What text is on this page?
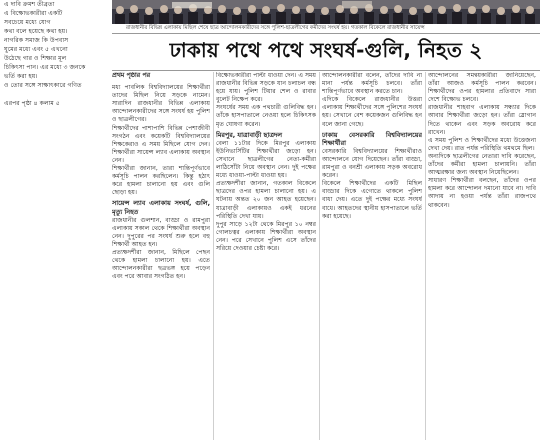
এ দাবি ক্রমশ তীব্রতা
এ বিক্ষোভকারীরা একটি
সবচেয়ে মধ্যে যোগ
কথা বলে হয়েছে কথা হয়।
নাগরিক সমাজ কি উপবাস
ঘুমের মধ্যে এবং ৫ এখনো
উঠেছে গার ও শিক্ষার মূল
চিকিৎসা পান। এর মধ্যে ৩ জনকে
ভর্তি করা হয়।
ও তোর সঙ্গে সাক্ষাৎকারে গণিত
এরপর পৃষ্ঠা ৪ কলাম ৫
রাজধানীর বিভিন্ন এলাকায় মিছিল শেষে ছাত্র আন্দোলনকারীদের সঙ্গে পুলিশ-ছাত্রলীগের কর্মীদের সংঘর্ষ হয়। গতকাল বিকেলে রাজধানীর সায়েন্স
ঢাকায় পথে পথে সংঘর্ষ-গুলি, নিহত ২
প্রথম পৃষ্ঠার পর

মধ্য পাবলিক বিশ্ববিদ্যালয়ের শিক্ষার্থীরা তাদের মিছিল নিয়ে সড়কে নামেন। সারাদিন রাজধানীর বিভিন্ন এলাকায় আন্দোলনকারীদের সঙ্গে সংঘর্ষ হয় পুলিশ ও ছাত্রলীগের।

শিক্ষার্থীদের পাশাপাশি বিভিন্ন পেশাজীবী সংগঠন এবং কয়েকটি বিশ্ববিদ্যালয়ের শিক্ষকেরাও এ সময় মিছিলে যোগ দেন। শিক্ষার্থীরা সায়েন্স ল্যাব এলাকায় অবস্থান নেন।

শিক্ষার্থীরা জানান, তারা শান্তিপূর্ণভাবে কর্মসূচি পালন করছিলেন। কিন্তু হঠাৎ করে হামলা চালানো হয় এবং গুলি ছোড়া হয়।

সায়েন্স ল্যাব এলাকায় সংঘর্ষ, গুলি, মৃত্যু নিহত

রাজধানীর গুলশান, বাড্ডা ও রামপুরা এলাকায় সকাল থেকে শিক্ষার্থীরা অবস্থান নেন। দুপুরের পর সংঘর্ষ শুরু হলে বহু শিক্ষার্থী আহত হন।

প্রত্যক্ষদর্শীরা জানান, মিছিলে পেছন থেকে হামলা চালানো হয়। এতে আন্দোলনকারীরা ছত্রভঙ্গ হয়ে পড়েন এবং পরে আবার সংগঠিত হন।

বিক্ষোভকারীরা পাল্টা ধাওয়া দেন। এ সময় রাজধানীর বিভিন্ন সড়কে যান চলাচল বন্ধ হয়ে যায়। পুলিশ টিয়ার শেল ও রাবার বুলেট নিক্ষেপ করে।

সংঘর্ষের সময় এক পথচারী গুলিবিদ্ধ হন। তাঁকে হাসপাতালে নেওয়া হলে চিকিৎসক মৃত ঘোষণা করেন।

মিরপুর, যাত্রাবাড়ী ছাত্রদল

বেলা ১১টার দিকে মিরপুর এলাকায় ইউনিভার্সিটির শিক্ষার্থীরা জড়ো হন। সেখানে ছাত্রলীগের নেতা-কর্মীরা লাঠিসোঁটা নিয়ে অবস্থান নেন। দুই পক্ষের মধ্যে ধাওয়া-পাল্টা ধাওয়া হয়।

প্রত্যক্ষদর্শীরা জানান, গতকাল বিকেলে ছাত্রদের ওপর হামলা চালানো হয়। এ ঘটনায় অন্তত ২০ জন আহত হয়েছেন। যাত্রাবাড়ী এলাকায়ও একই ধরনের পরিস্থিতি দেখা যায়।

দুপুর সাড়ে ১২টা থেকে মিরপুর ১০ নম্বর গোলচত্বর এলাকায় শিক্ষার্থীরা অবস্থান নেন। পরে সেখানে পুলিশ এসে তাঁদের সরিয়ে দেওয়ার চেষ্টা করে।

আন্দোলনকারীরা বলেন, তাঁদের দাবি না মানা পর্যন্ত কর্মসূচি চলবে। তাঁরা শান্তিপূর্ণভাবে অবস্থান করতে চান।

এদিকে বিকেলে রাজধানীর উত্তরা এলাকায় শিক্ষার্থীদের সঙ্গে পুলিশের সংঘর্ষ হয়। সেখানে বেশ কয়েকজন গুলিবিদ্ধ হন বলে জানা গেছে।

ঢাকায় বেসরকারি বিশ্ববিদ্যালয়ের শিক্ষার্থীরা

বেসরকারি বিশ্ববিদ্যালয়ের শিক্ষার্থীরাও আন্দোলনে যোগ দিয়েছেন। তাঁরা বাড্ডা, রামপুরা ও বনশ্রী এলাকায় সড়ক অবরোধ করেন।

বিকেলে শিক্ষার্থীদের একটি মিছিল বাড্ডার দিকে এগোতে থাকলে পুলিশ বাধা দেয়। এতে দুই পক্ষের মধ্যে সংঘর্ষ বাধে। আহতদের স্থানীয় হাসপাতালে ভর্তি করা হয়েছে।

আন্দোলনের সমন্বয়কারীরা জানিয়েছেন, তাঁরা আজও কর্মসূচি পালন করবেন। শিক্ষার্থীদের ওপর হামলার প্রতিবাদে সারা দেশে বিক্ষোভ চলবে।

রাজধানীর শাহবাগ এলাকায় সন্ধ্যার দিকে আবার শিক্ষার্থীরা জড়ো হন। তাঁরা স্লোগান দিতে থাকেন এবং সড়ক অবরোধ করে রাখেন।

এ সময় পুলিশ ও শিক্ষার্থীদের মধ্যে উত্তেজনা দেখা দেয়। রাত পর্যন্ত পরিস্থিতি থমথমে ছিল।

অন্যদিকে ছাত্রলীগের নেতারা দাবি করেছেন, তাঁদের কর্মীরা হামলা চালায়নি। তাঁরা আত্মরক্ষার জন্য অবস্থান নিয়েছিলেন।

সাধারণ শিক্ষার্থীরা বলছেন, তাঁদের ওপর হামলা করে আন্দোলন দমানো যাবে না। দাবি আদায় না হওয়া পর্যন্ত তাঁরা রাজপথে থাকবেন।
